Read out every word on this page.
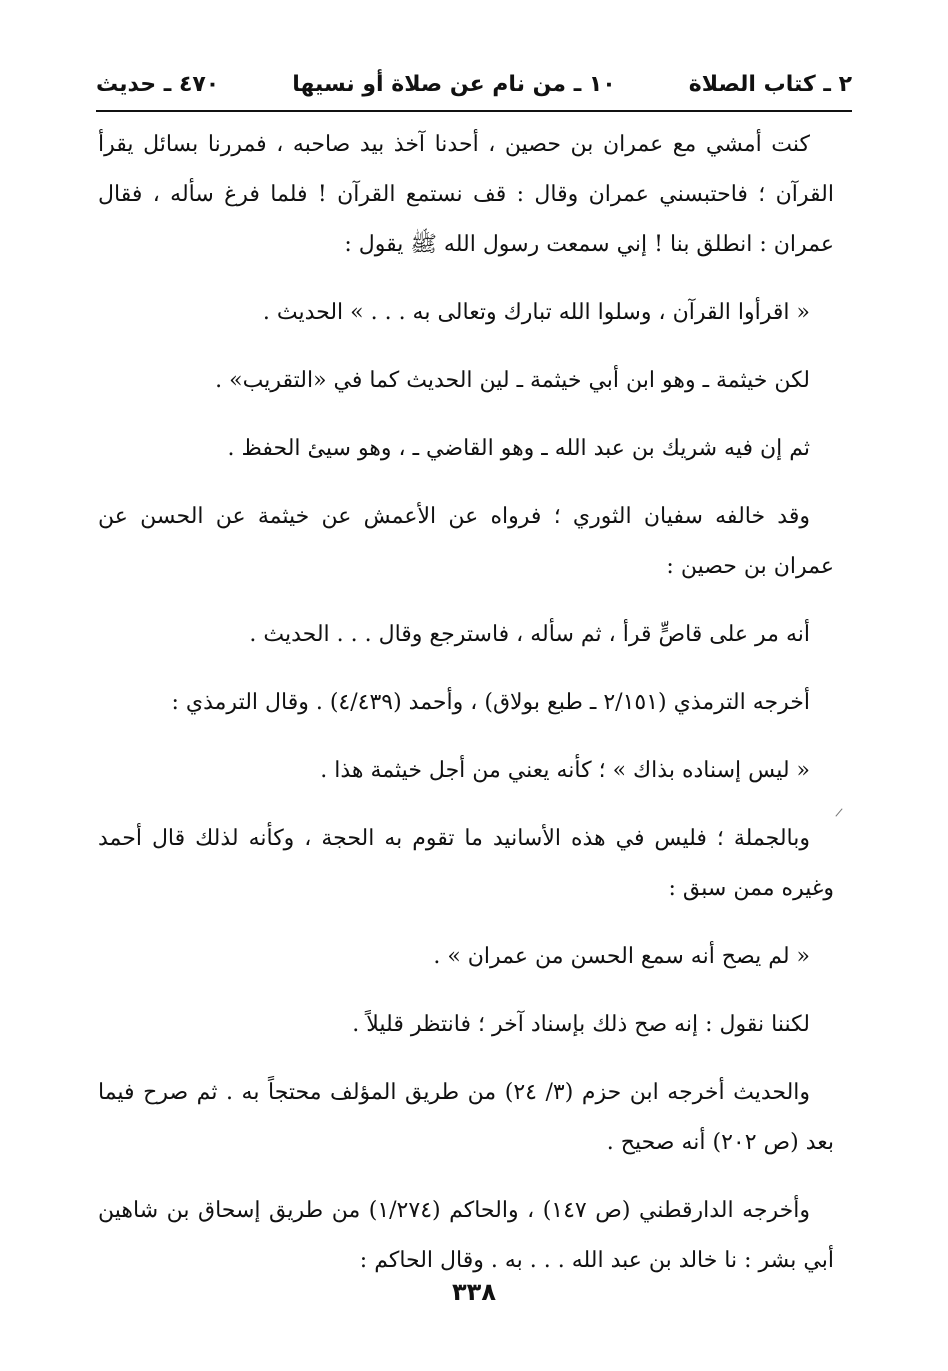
٢ ـ كتاب الصلاة
١٠ ـ من نام عن صلاة أو نسيها
٤٧٠ ـ حديث

كنت أمشي مع عمران بن حصين ، أحدنا آخذ بيد صاحبه ، فمررنا بسائل يقرأ القرآن ؛ فاحتبسني عمران وقال : قف نستمع القرآن ! فلما فرغ سأله ، فقال عمران : انطلق بنا ! إني سمعت رسول الله ﷺ يقول :

« اقرأوا القرآن ، وسلوا الله تبارك وتعالى به . . . » الحديث .

لكن خيثمة ـ وهو ابن أبي خيثمة ـ لين الحديث كما في «التقريب» .

ثم إن فيه شريك بن عبد الله ـ وهو القاضي ـ ، وهو سيئ الحفظ .

وقد خالفه سفيان الثوري ؛ فرواه عن الأعمش عن خيثمة عن الحسن عن عمران بن حصين :

أنه مر على قاصٍّ قرأ ، ثم سأله ، فاسترجع وقال . . . الحديث .

أخرجه الترمذي (٢/١٥١ ـ طبع بولاق) ، وأحمد (٤/٤٣٩) . وقال الترمذي :

« ليس إسناده بذاك » ؛ كأنه يعني من أجل خيثمة هذا .

وبالجملة ؛ فليس في هذه الأسانيد ما تقوم به الحجة ، وكأنه لذلك قال أحمد وغيره ممن سبق :

« لم يصح أنه سمع الحسن من عمران » .

لكننا نقول : إنه صح ذلك بإسناد آخر ؛ فانتظر قليلاً .

والحديث أخرجه ابن حزم (٣/ ٢٤) من طريق المؤلف محتجاً به . ثم صرح فيما بعد (ص ٢٠٢) أنه صحيح .

وأخرجه الدارقطني (ص ١٤٧) ، والحاكم (١/٢٧٤) من طريق إسحاق بن شاهين أبي بشر : نا خالد بن عبد الله . . . به . وقال الحاكم :

٣٣٨
